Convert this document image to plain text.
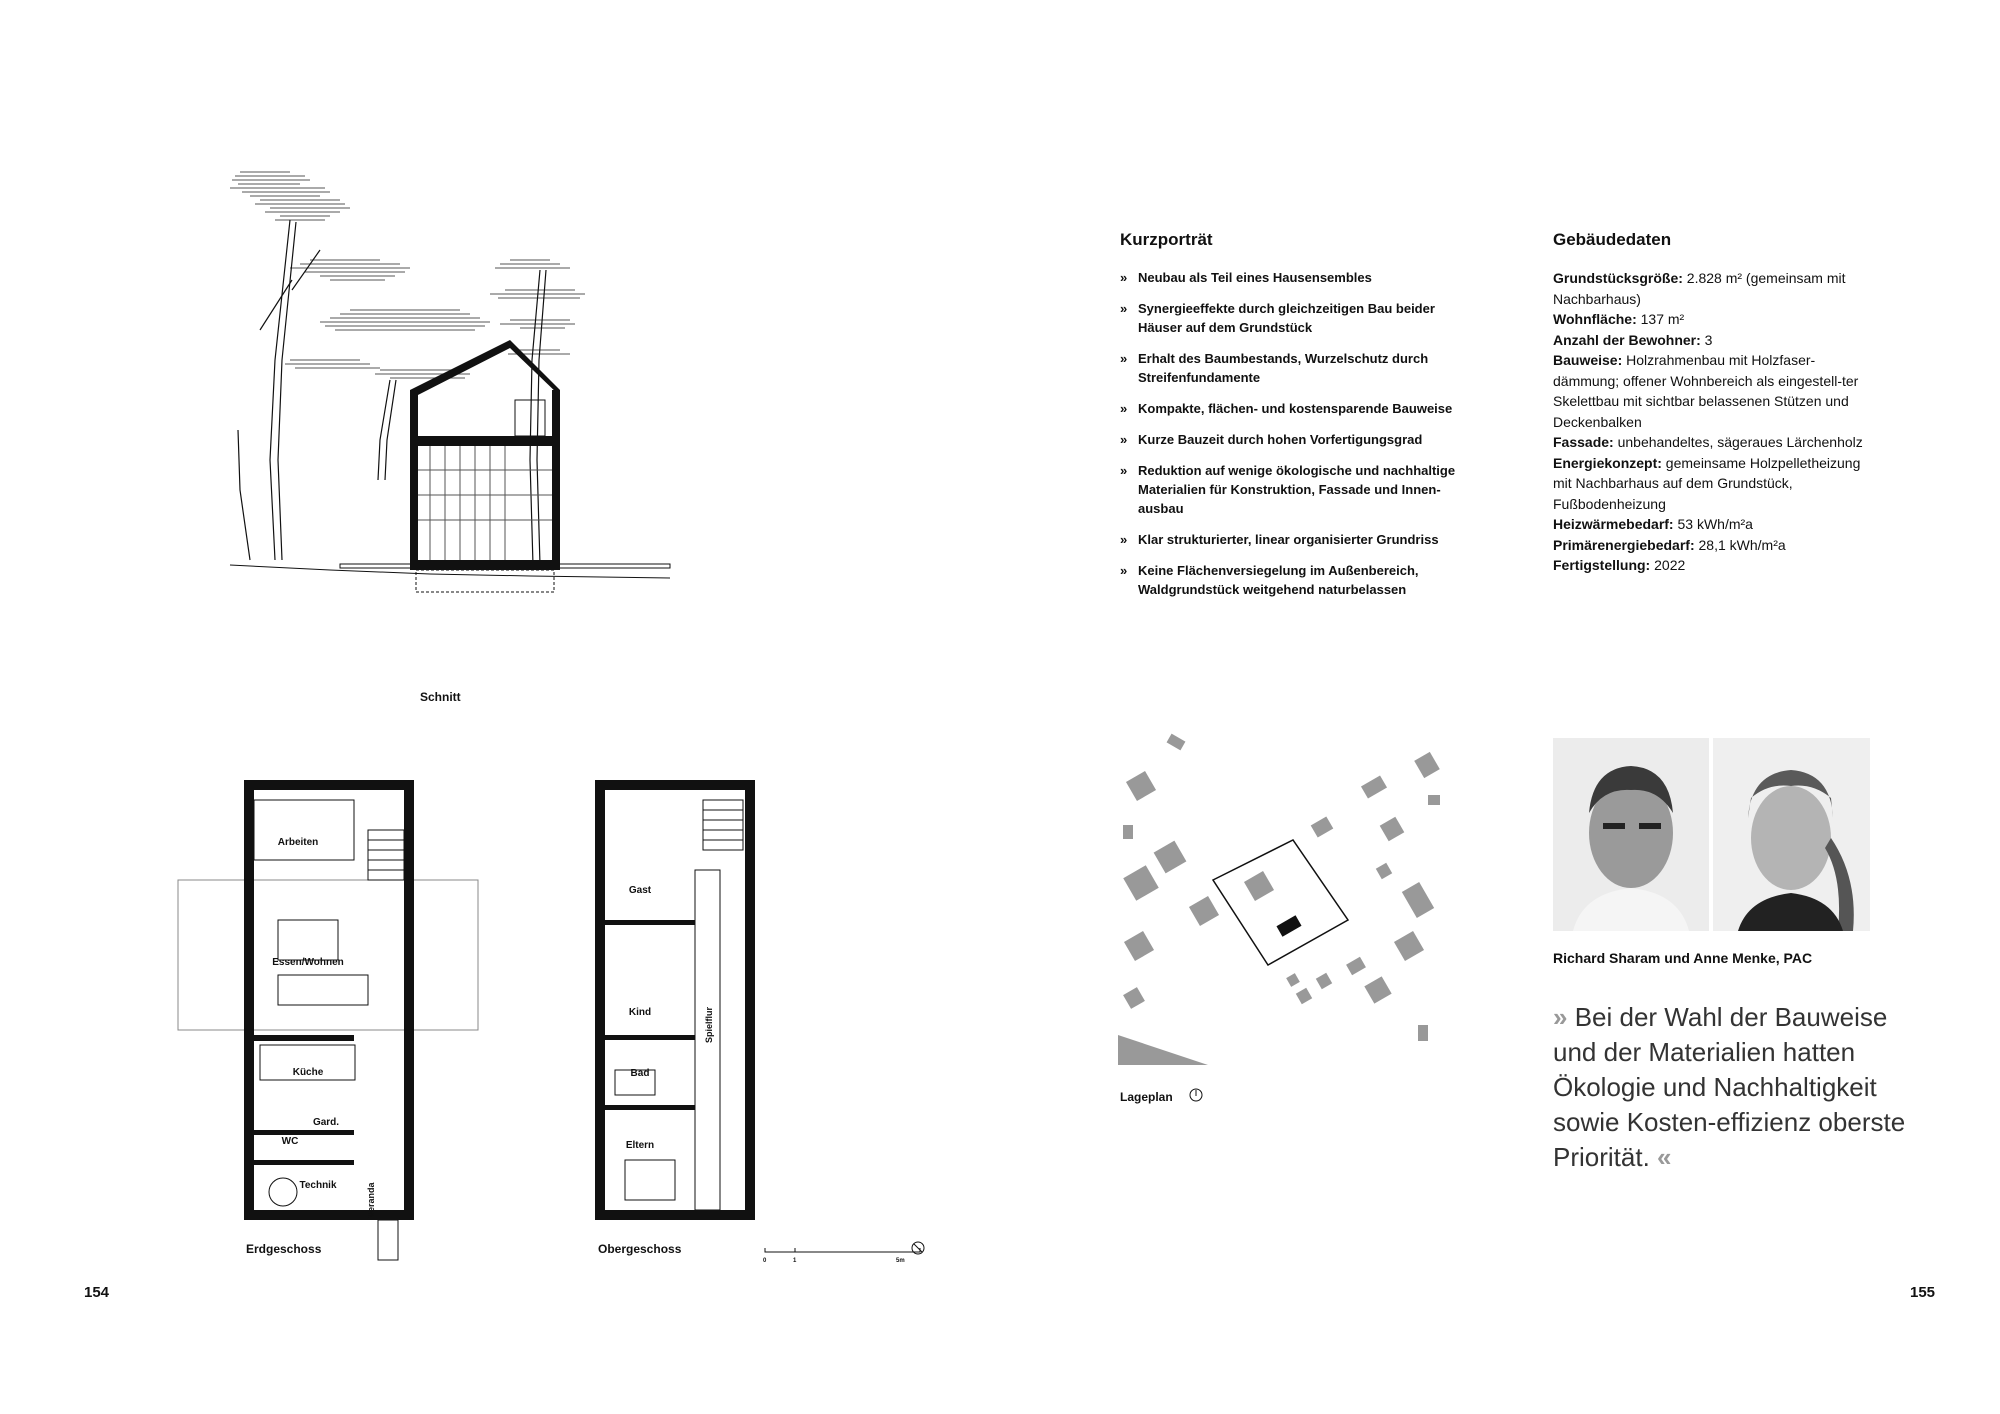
Schnitt
Arbeiten
Essen/Wohnen
Küche
Gard.
WC
Technik	Veranda
Erdgeschoss
Gast
Kind
Bad
Eltern
Spielflur
Obergeschoss
0	1	5m
154
Kurzporträt
» Neubau als Teil eines Hausensembles
» Synergieeffekte durch gleichzeitigen Bau beider Häuser auf dem Grundstück
» Erhalt des Baumbestands, Wurzelschutz durch Streifenfundamente
» Kompakte, flächen- und kostensparende Bauweise
» Kurze Bauzeit durch hohen Vorfertigungsgrad
» Reduktion auf wenige ökologische und nachhaltige Materialien für Konstruktion, Fassade und Innen-ausbau
» Klar strukturierter, linear organisierter Grundriss
» Keine Flächenversiegelung im Außenbereich, Waldgrundstück weitgehend naturbelassen
Gebäudedaten

Grundstücksgröße: 2.828 m² (gemeinsam mit Nachbarhaus)

Wohnfläche: 137 m²

Anzahl der Bewohner: 3

Bauweise: Holzrahmenbau mit Holzfaser-dämmung; offener Wohnbereich als eingestell-ter Skelettbau mit sichtbar belassenen Stützen und Deckenbalken

Fassade: unbehandeltes, sägeraues Lärchenholz

Energiekonzept: gemeinsame Holzpelletheizung mit Nachbarhaus auf dem Grundstück, Fußbodenheizung

Heizwärmebedarf: 53 kWh/m²a

Primärenergiebedarf: 28,1 kWh/m²a

Fertigstellung: 2022

Lageplan
Richard Sharam und Anne Menke, PAC
» Bei der Wahl der Bauweise und der Materialien hatten Ökologie und Nachhaltigkeit sowie Kosten-effizienz oberste Priorität. «
155
